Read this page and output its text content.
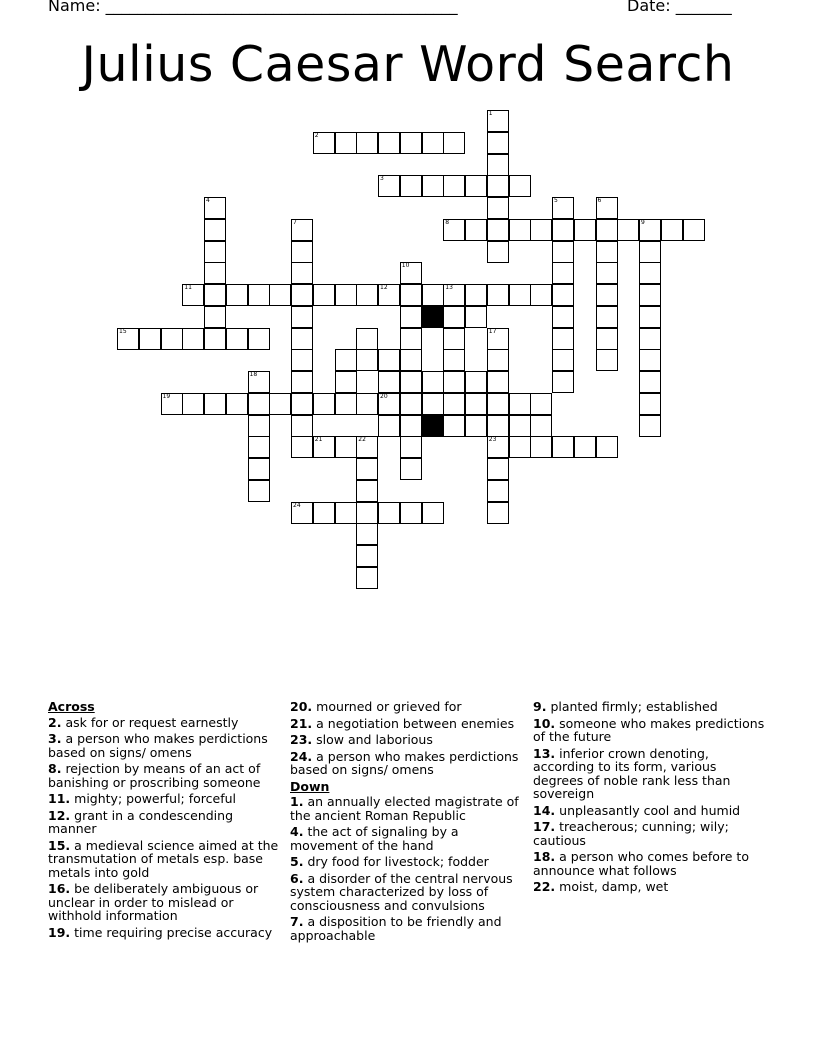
Name: ____________________________________________	Date: _______
Julius Caesar Word Search
2
3
8	9
11	12	13
15
19	20
21	22	23
24
1
4	5	6
7
10
17
18
Across
2. ask for or request earnestly
3. a person who makes perdictions based on signs/ omens
8. rejection by means of an act of banishing or proscribing someone
11. mighty; powerful; forceful
12. grant in a condescending manner
15. a medieval science aimed at the transmutation of metals esp. base metals into gold
16. be deliberately ambiguous or unclear in order to mislead or withhold information
19. time requiring precise accuracy
20. mourned or grieved for
21. a negotiation between enemies
23. slow and laborious
24. a person who makes perdictions based on signs/ omens
Down
1. an annually elected magistrate of the ancient Roman Republic
4. the act of signaling by a movement of the hand
5. dry food for livestock; fodder
6. a disorder of the central nervous system characterized by loss of consciousness and convulsions
7. a disposition to be friendly and approachable
9. planted firmly; established
10. someone who makes predictions of the future
13. inferior crown denoting, according to its form, various degrees of noble rank less than sovereign
14. unpleasantly cool and humid
17. treacherous; cunning; wily; cautious
18. a person who comes before to announce what follows
22. moist, damp, wet
